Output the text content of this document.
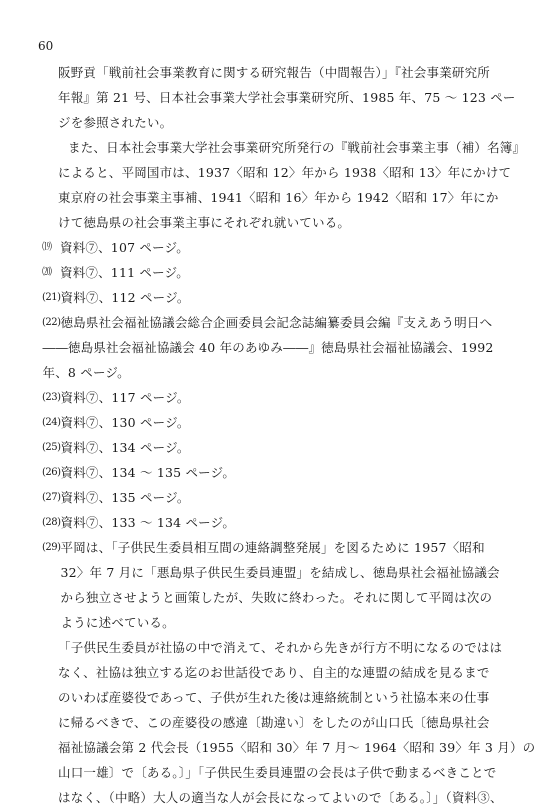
60
阪野貢「戦前社会事業教育に関する研究報告（中間報告）」『社会事業研究所
年報』第 21 号、日本社会事業大学社会事業研究所、1985 年、75 〜 123 ペー
ジを参照されたい。
また、日本社会事業大学社会事業研究所発行の『戦前社会事業主事（補）名簿』
によると、平岡国市は、1937〈昭和 12〉年から 1938〈昭和 13〉年にかけて
東京府の社会事業主事補、1941〈昭和 16〉年から 1942〈昭和 17〉年にか
けて徳島県の社会事業主事にそれぞれ就いている。
⒆ 資料⑦、107 ページ。
⒇ 資料⑦、111 ページ。
(21) 資料⑦、112 ページ。
(22) 徳島県社会福祉協議会総合企画委員会記念誌編纂委員会編『支えあう明日へ
――徳島県社会福祉協議会 40 年のあゆみ――』徳島県社会福祉協議会、1992
年、8 ページ。
(23) 資料⑦、117 ページ。
(24) 資料⑦、130 ページ。
(25) 資料⑦、134 ページ。
(26) 資料⑦、134 〜 135 ページ。
(27) 資料⑦、135 ページ。
(28) 資料⑦、133 〜 134 ページ。
(29) 平岡は、「子供民生委員相互間の連絡調整発展」を図るために 1957〈昭和
32〉年 7 月に「悪島県子供民生委員連盟」を結成し、徳島県社会福祉協議会
から独立させようと画策したが、失敗に終わった。それに関して平岡は次の
ように述べている。
「子供民生委員が社協の中で消えて、それから先きが行方不明になるのではは
なく、社協は独立する迄のお世話役であり、自主的な連盟の結成を見るまで
のいわば産婆役であって、子供が生れた後は連絡統制という社協本来の仕事
に帰るべきで、この産婆役の感違〔勘違い〕をしたのが山口氏〔徳島県社会
福祉協議会第 2 代会長（1955〈昭和 30〉年 7 月〜 1964〈昭和 39〉年 3 月）の
山口一雄〕で〔ある。〕」「子供民生委員連盟の会長は子供で動まるべきことで
はなく、（中略）大人の適当な人が会長になってよいので〔ある。〕」（資料③、
